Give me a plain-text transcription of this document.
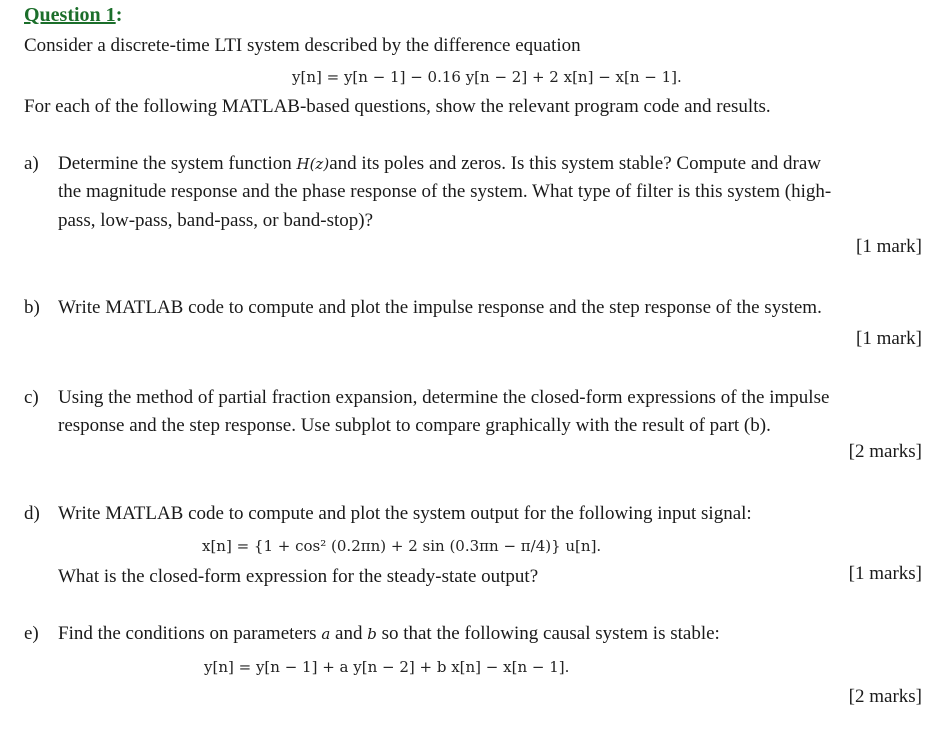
Question 1:
Consider a discrete-time LTI system described by the difference equation
y[n] = y[n − 1] − 0.16 y[n − 2] + 2 x[n] − x[n − 1].
For each of the following MATLAB-based questions, show the relevant program code and results.
a) Determine the system function H(z)and its poles and zeros. Is this system stable? Compute and draw
the magnitude response and the phase response of the system. What type of filter is this system (high-
pass, low-pass, band-pass, or band-stop)?
[1 mark]
b) Write MATLAB code to compute and plot the impulse response and the step response of the system.
[1 mark]
c) Using the method of partial fraction expansion, determine the closed-form expressions of the impulse
response and the step response. Use subplot to compare graphically with the result of part (b).
[2 marks]
d) Write MATLAB code to compute and plot the system output for the following input signal:
x[n] = {1 + cos² (0.2πn) + 2 sin (0.3πn − π/4)} u[n].
What is the closed-form expression for the steady-state output?	[1 marks]
e) Find the conditions on parameters a and b so that the following causal system is stable:
y[n] = y[n − 1] + a y[n − 2] + b x[n] − x[n − 1].
[2 marks]
